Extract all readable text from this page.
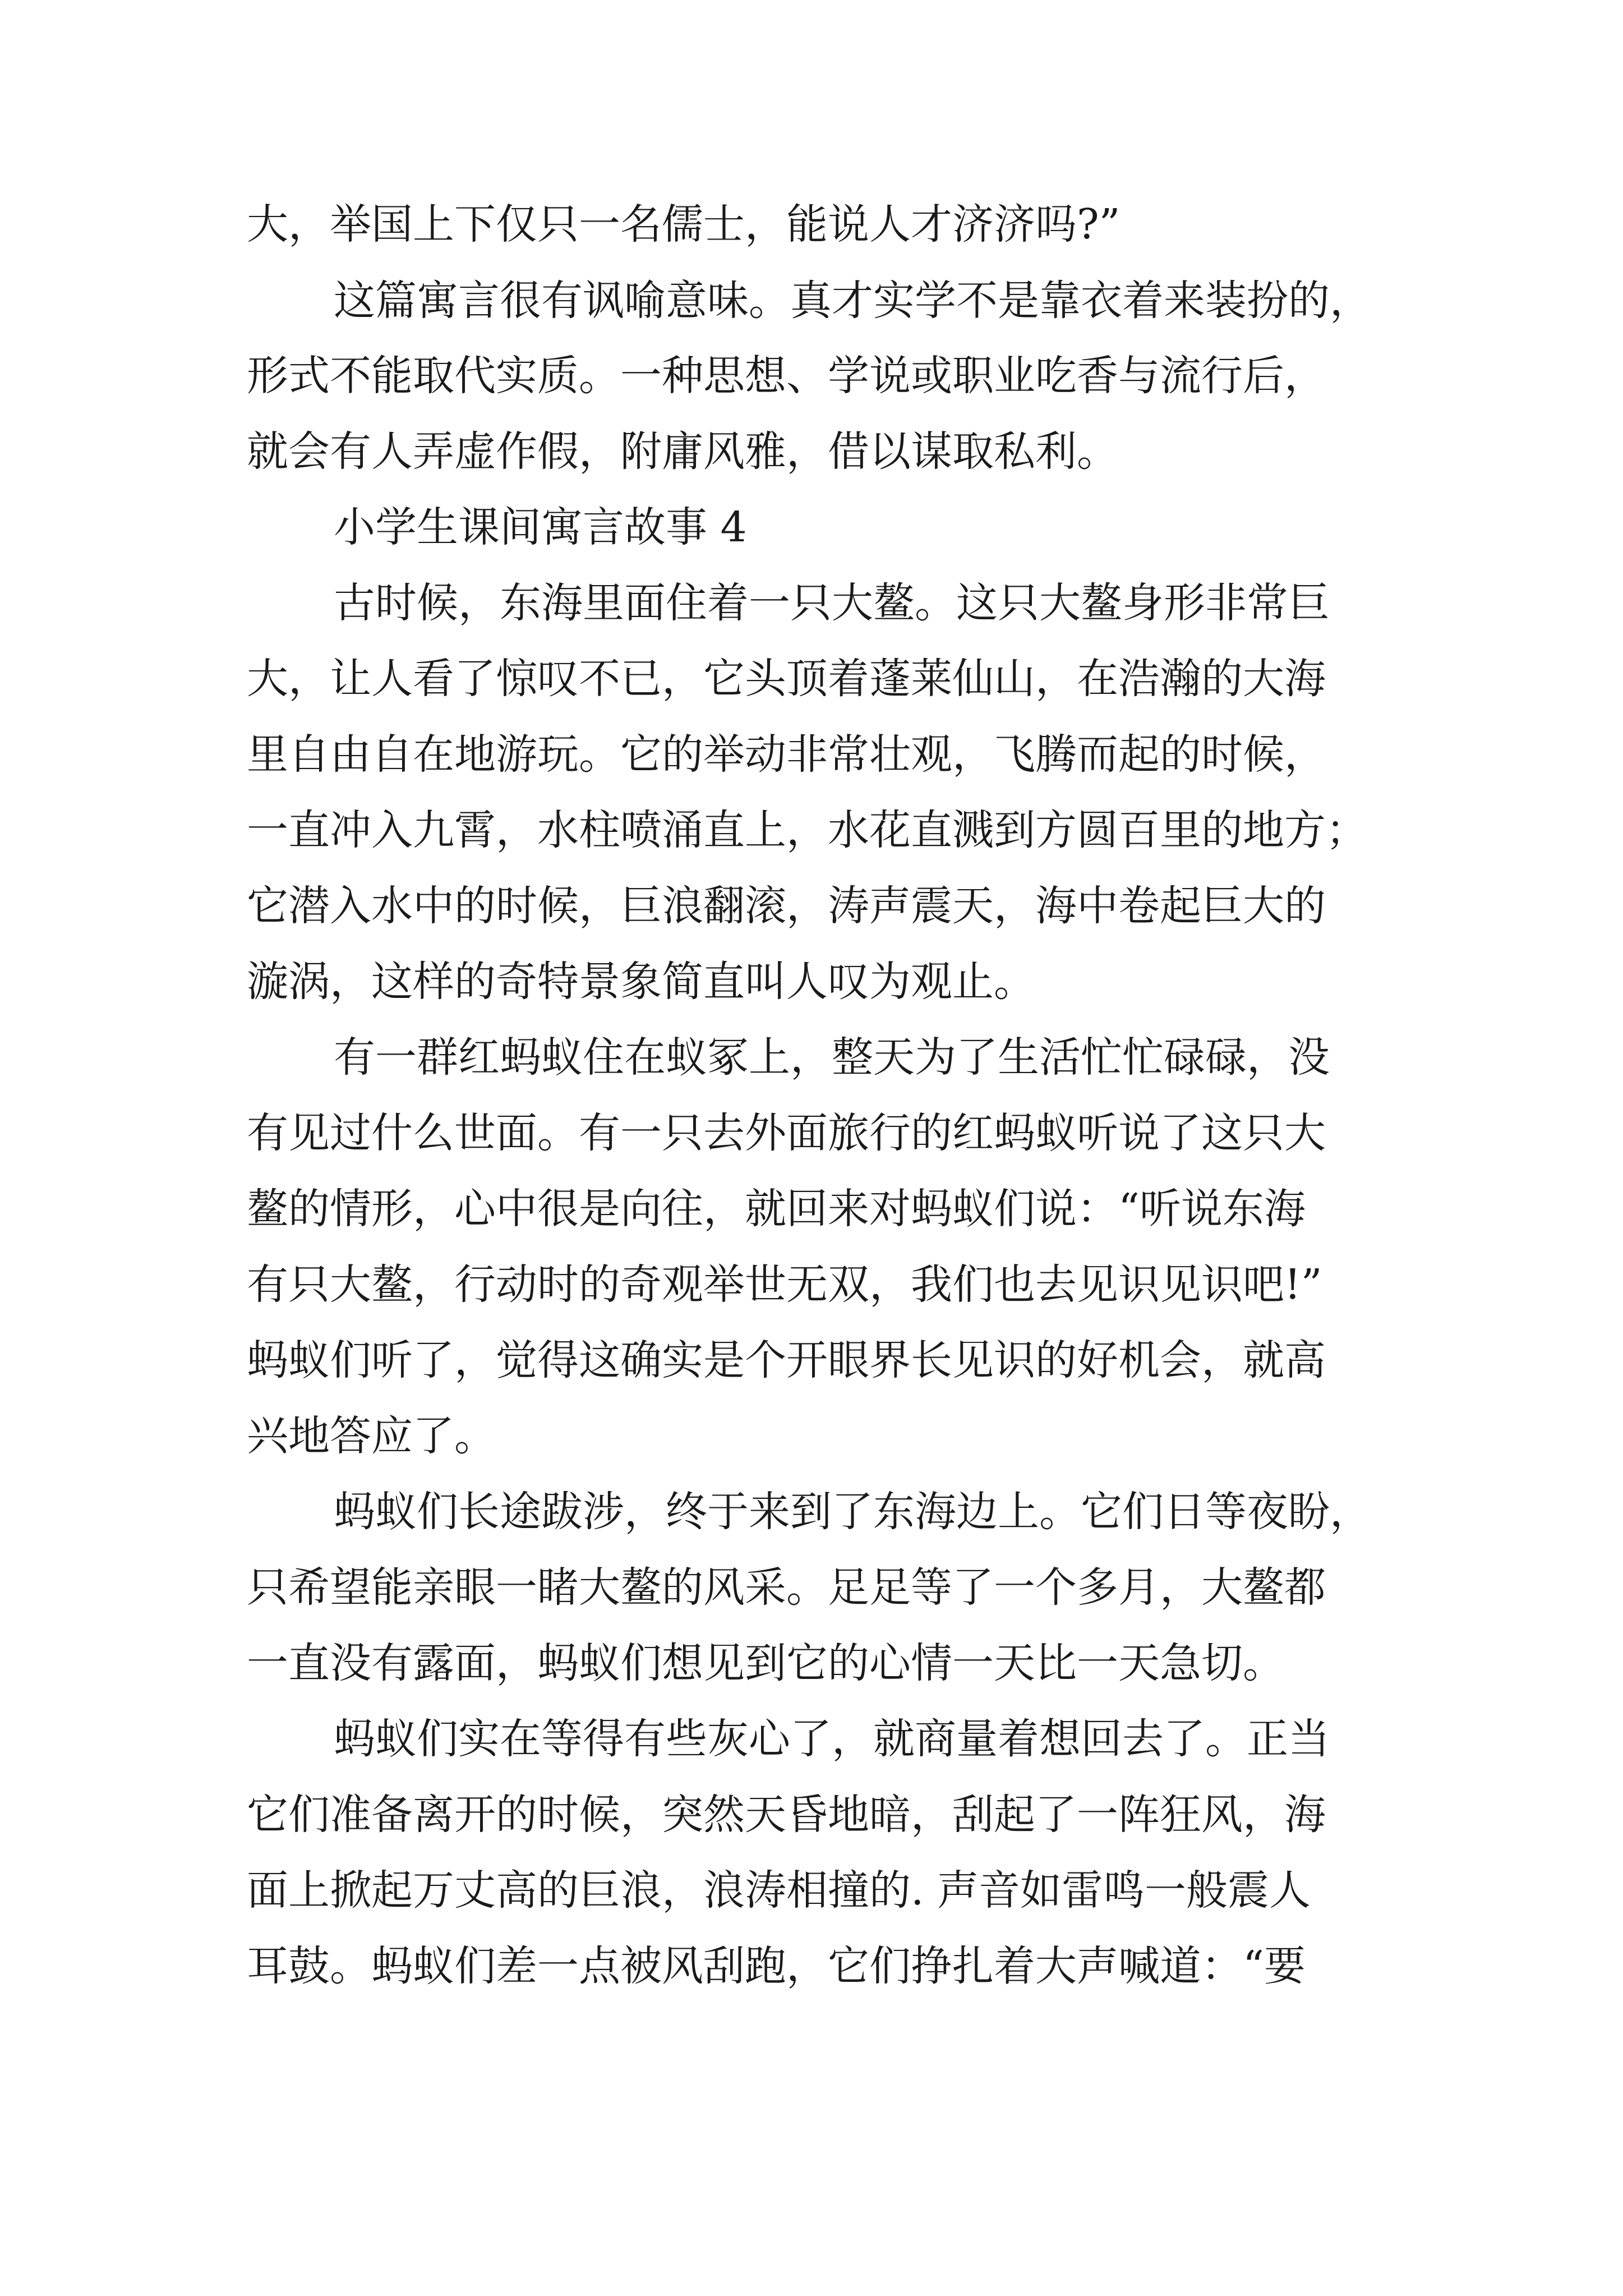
大，举国上下仅只一名儒士，能说人才济济吗?”

这篇寓言很有讽喻意味。真才实学不是靠衣着来装扮的，

形式不能取代实质。一种思想、学说或职业吃香与流行后，

就会有人弄虚作假，附庸风雅，借以谋取私利。

小学生课间寓言故事 4

古时候，东海里面住着一只大鳌。这只大鳌身形非常巨

大，让人看了惊叹不已，它头顶着蓬莱仙山，在浩瀚的大海

里自由自在地游玩。它的举动非常壮观，飞腾而起的时候，

一直冲入九霄，水柱喷涌直上，水花直溅到方圆百里的地方；

它潜入水中的时候，巨浪翻滚，涛声震天，海中卷起巨大的

漩涡，这样的奇特景象简直叫人叹为观止。

有一群红蚂蚁住在蚁冢上，整天为了生活忙忙碌碌，没

有见过什么世面。有一只去外面旅行的红蚂蚁听说了这只大

鳌的情形，心中很是向往，就回来对蚂蚁们说：“听说东海

有只大鳌，行动时的奇观举世无双，我们也去见识见识吧!”

蚂蚁们听了，觉得这确实是个开眼界长见识的好机会，就高

兴地答应了。

蚂蚁们长途跋涉，终于来到了东海边上。它们日等夜盼，

只希望能亲眼一睹大鳌的风采。足足等了一个多月，大鳌都

一直没有露面，蚂蚁们想见到它的心情一天比一天急切。

蚂蚁们实在等得有些灰心了，就商量着想回去了。正当

它们准备离开的时候，突然天昏地暗，刮起了一阵狂风，海

面上掀起万丈高的巨浪，浪涛相撞的. 声音如雷鸣一般震人

耳鼓。蚂蚁们差一点被风刮跑，它们挣扎着大声喊道：“要
